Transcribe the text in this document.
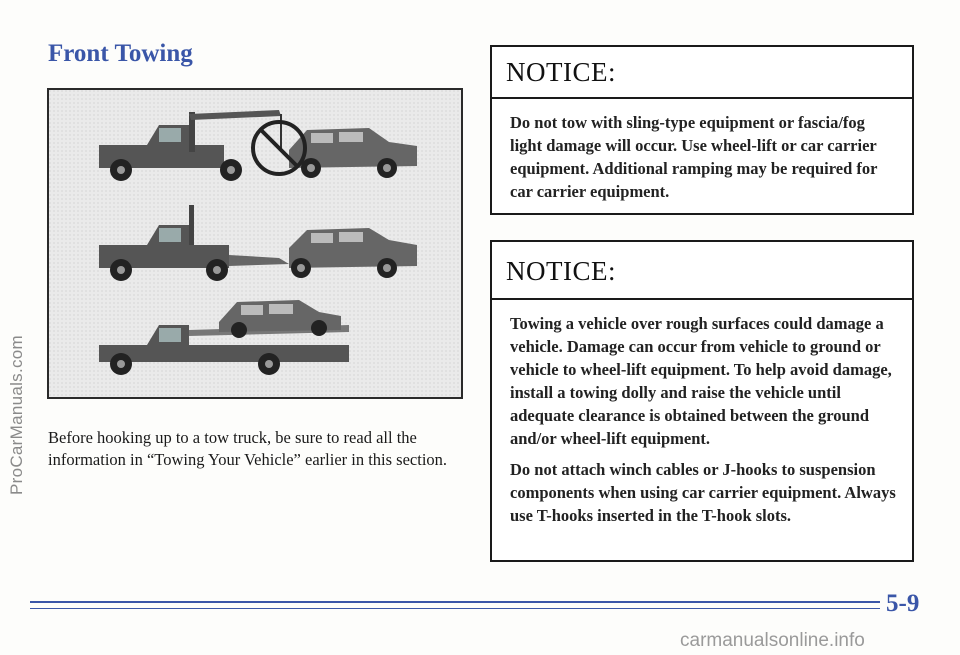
ProCarManuals.com
Front Towing

Before hooking up to a tow truck, be sure to read all the information in “Towing Your Vehicle” earlier in this section.

NOTICE:

Do not tow with sling-type equipment or fascia/fog light damage will occur. Use wheel-lift or car carrier equipment. Additional ramping may be required for car carrier equipment.

NOTICE:

Towing a vehicle over rough surfaces could damage a vehicle. Damage can occur from vehicle to ground or vehicle to wheel-lift equipment. To help avoid damage, install a towing dolly and raise the vehicle until adequate clearance is obtained between the ground and/or wheel-lift equipment.

Do not attach winch cables or J-hooks to suspension components when using car carrier equipment. Always use T-hooks inserted in the T-hook slots.

5-9

carmanualsonline.info
